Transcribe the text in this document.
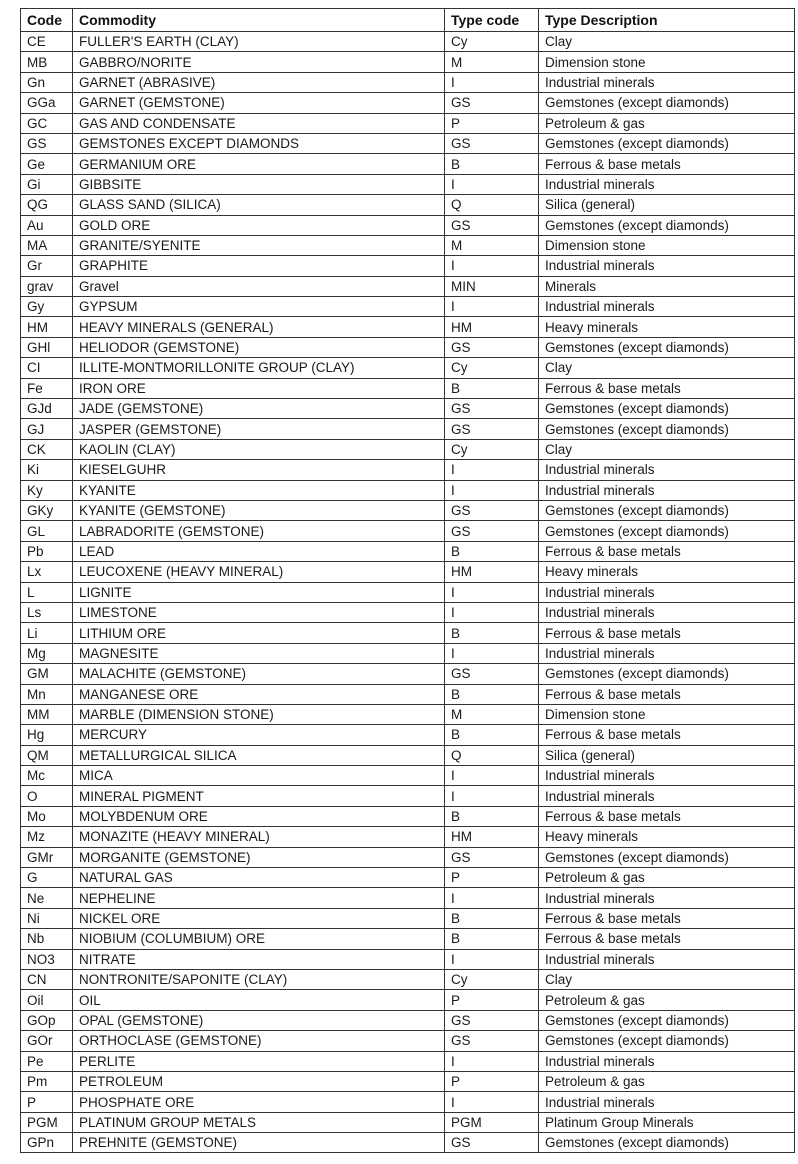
Code	Commodity	Type code	Type Description
CE	FULLER'S EARTH (CLAY)	Cy	Clay
MB	GABBRO/NORITE	M	Dimension stone
Gn	GARNET (ABRASIVE)	I	Industrial minerals
GGa	GARNET (GEMSTONE)	GS	Gemstones (except diamonds)
GC	GAS AND CONDENSATE	P	Petroleum & gas
GS	GEMSTONES EXCEPT DIAMONDS	GS	Gemstones (except diamonds)
Ge	GERMANIUM ORE	B	Ferrous & base metals
Gi	GIBBSITE	I	Industrial minerals
QG	GLASS SAND (SILICA)	Q	Silica (general)
Au	GOLD ORE	GS	Gemstones (except diamonds)
MA	GRANITE/SYENITE	M	Dimension stone
Gr	GRAPHITE	I	Industrial minerals
grav	Gravel	MIN	Minerals
Gy	GYPSUM	I	Industrial minerals
HM	HEAVY MINERALS (GENERAL)	HM	Heavy minerals
GHl	HELIODOR (GEMSTONE)	GS	Gemstones (except diamonds)
CI	ILLITE-MONTMORILLONITE GROUP (CLAY)	Cy	Clay
Fe	IRON ORE	B	Ferrous & base metals
GJd	JADE (GEMSTONE)	GS	Gemstones (except diamonds)
GJ	JASPER (GEMSTONE)	GS	Gemstones (except diamonds)
CK	KAOLIN (CLAY)	Cy	Clay
Ki	KIESELGUHR	I	Industrial minerals
Ky	KYANITE	I	Industrial minerals
GKy	KYANITE (GEMSTONE)	GS	Gemstones (except diamonds)
GL	LABRADORITE (GEMSTONE)	GS	Gemstones (except diamonds)
Pb	LEAD	B	Ferrous & base metals
Lx	LEUCOXENE (HEAVY MINERAL)	HM	Heavy minerals
L	LIGNITE	I	Industrial minerals
Ls	LIMESTONE	I	Industrial minerals
Li	LITHIUM ORE	B	Ferrous & base metals
Mg	MAGNESITE	I	Industrial minerals
GM	MALACHITE (GEMSTONE)	GS	Gemstones (except diamonds)
Mn	MANGANESE ORE	B	Ferrous & base metals
MM	MARBLE (DIMENSION STONE)	M	Dimension stone
Hg	MERCURY	B	Ferrous & base metals
QM	METALLURGICAL SILICA	Q	Silica (general)
Mc	MICA	I	Industrial minerals
O	MINERAL PIGMENT	I	Industrial minerals
Mo	MOLYBDENUM ORE	B	Ferrous & base metals
Mz	MONAZITE (HEAVY MINERAL)	HM	Heavy minerals
GMr	MORGANITE (GEMSTONE)	GS	Gemstones (except diamonds)
G	NATURAL GAS	P	Petroleum & gas
Ne	NEPHELINE	I	Industrial minerals
Ni	NICKEL ORE	B	Ferrous & base metals
Nb	NIOBIUM (COLUMBIUM) ORE	B	Ferrous & base metals
NO3	NITRATE	I	Industrial minerals
CN	NONTRONITE/SAPONITE (CLAY)	Cy	Clay
Oil	OIL	P	Petroleum & gas
GOp	OPAL (GEMSTONE)	GS	Gemstones (except diamonds)
GOr	ORTHOCLASE (GEMSTONE)	GS	Gemstones (except diamonds)
Pe	PERLITE	I	Industrial minerals
Pm	PETROLEUM	P	Petroleum & gas
P	PHOSPHATE ORE	I	Industrial minerals
PGM	PLATINUM GROUP METALS	PGM	Platinum Group Minerals
GPn	PREHNITE (GEMSTONE)	GS	Gemstones (except diamonds)
